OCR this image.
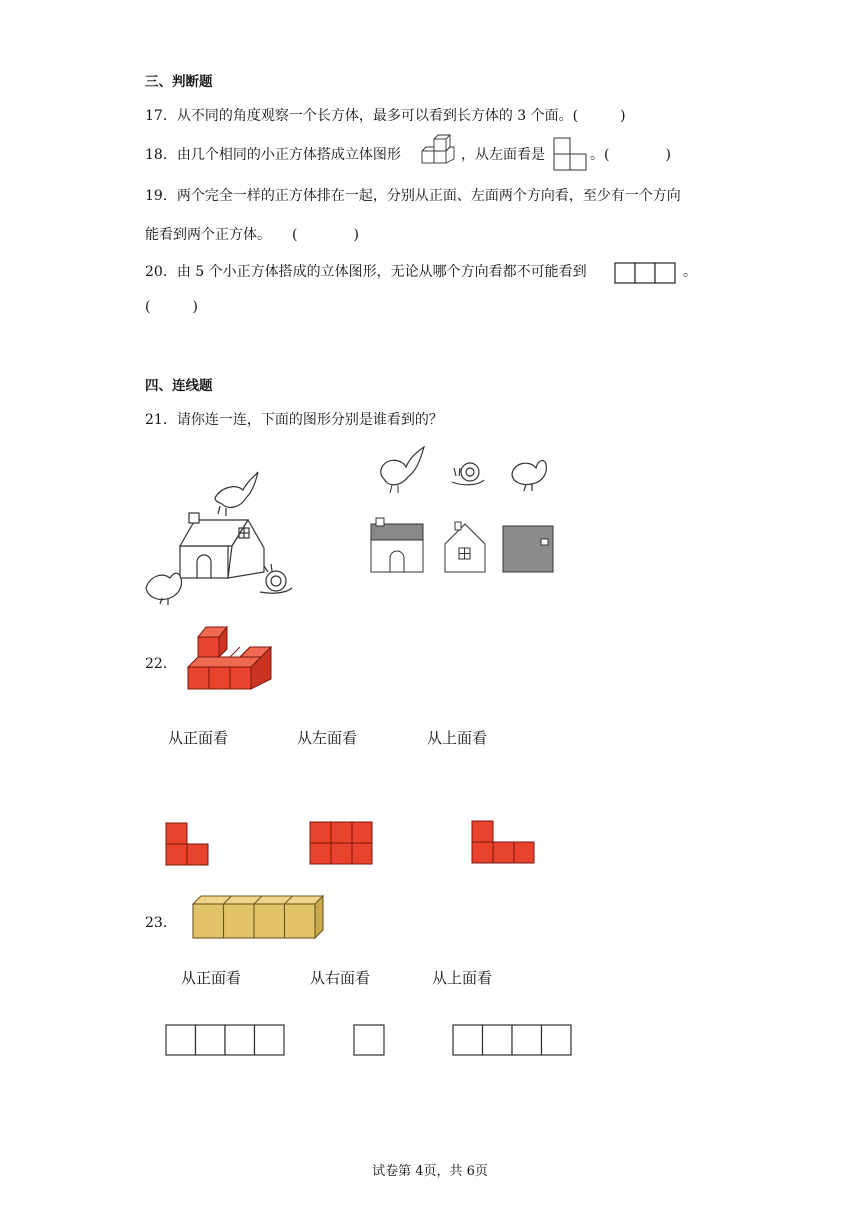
三、判断题
17．从不同的角度观察一个长方体，最多可以看到长方体的 3 个面。(　　　)
18．由几个相同的小正方体搭成立体图形	，从左面看是	。(　　　　)
19．两个完全一样的正方体排在一起，分别从正面、左面两个方向看，至少有一个方向
能看到两个正方体。　　(　　　　)
20．由 5 个小正方体搭成的立体图形，无论从哪个方向看都不可能看到	。
(　　　)
四、连线题
21．请你连一连，下面的图形分别是谁看到的？
22．
从正面看	从左面看	从上面看
23．
从正面看	从右面看	从上面看
试卷第 4页，共 6页
